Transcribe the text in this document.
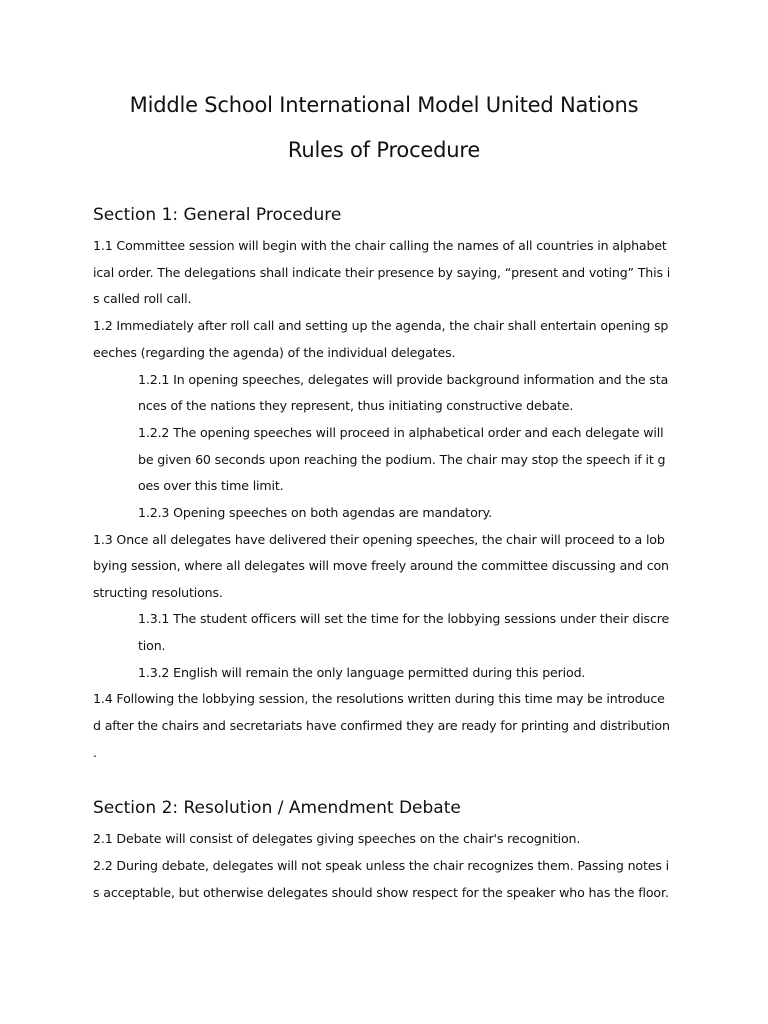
Middle School International Model United Nations
Rules of Procedure
Section 1: General Procedure
1.1 Committee session will begin with the chair calling the names of all countries in alphabet
ical order. The delegations shall indicate their presence by saying, “present and voting” This i
s called roll call.
1.2 Immediately after roll call and setting up the agenda, the chair shall entertain opening sp
eeches (regarding the agenda) of the individual delegates.
1.2.1 In opening speeches, delegates will provide background information and the sta
nces of the nations they represent, thus initiating constructive debate.
1.2.2 The opening speeches will proceed in alphabetical order and each delegate will
be given 60 seconds upon reaching the podium. The chair may stop the speech if it g
oes over this time limit.
1.2.3 Opening speeches on both agendas are mandatory.
1.3 Once all delegates have delivered their opening speeches, the chair will proceed to a lob
bying session, where all delegates will move freely around the committee discussing and con
structing resolutions.
1.3.1 The student officers will set the time for the lobbying sessions under their discre
tion.
1.3.2 English will remain the only language permitted during this period.
1.4 Following the lobbying session, the resolutions written during this time may be introduce
d after the chairs and secretariats have confirmed they are ready for printing and distribution
.
Section 2: Resolution / Amendment Debate
2.1 Debate will consist of delegates giving speeches on the chair's recognition.
2.2 During debate, delegates will not speak unless the chair recognizes them. Passing notes i
s acceptable, but otherwise delegates should show respect for the speaker who has the floor.
